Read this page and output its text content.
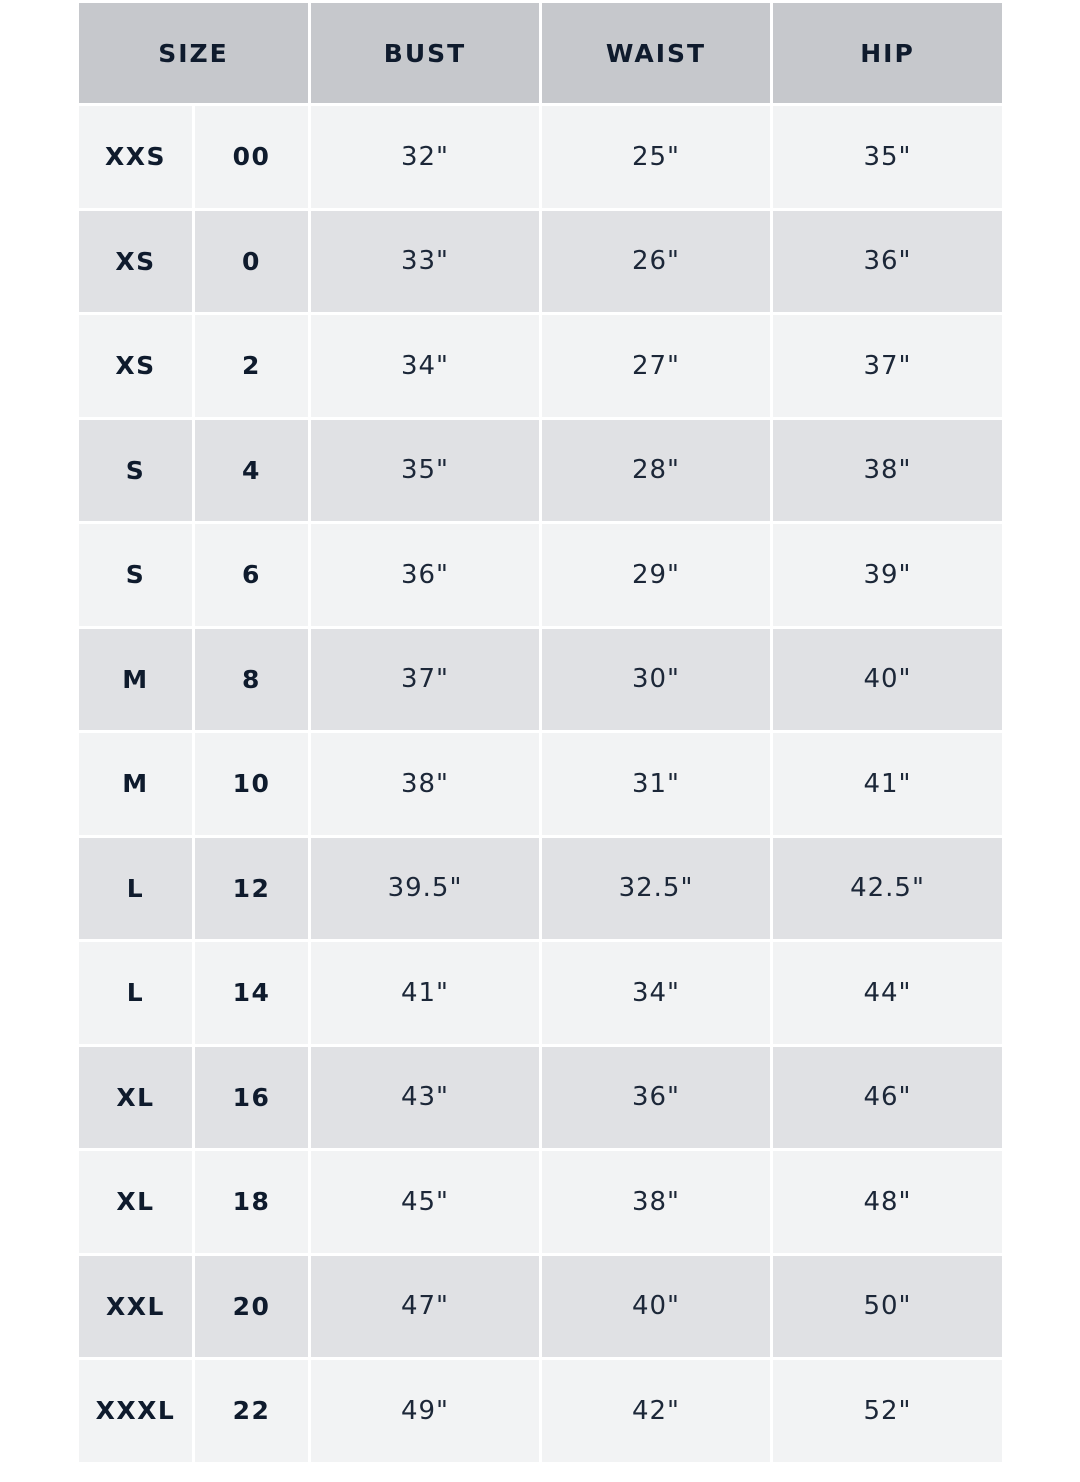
SIZE	BUST	WAIST	HIP
XXS	00	32"	25"	35"
XS	0	33"	26"	36"
XS	2	34"	27"	37"
S	4	35"	28"	38"
S	6	36"	29"	39"
M	8	37"	30"	40"
M	10	38"	31"	41"
L	12	39.5"	32.5"	42.5"
L	14	41"	34"	44"
XL	16	43"	36"	46"
XL	18	45"	38"	48"
XXL	20	47"	40"	50"
XXXL	22	49"	42"	52"
